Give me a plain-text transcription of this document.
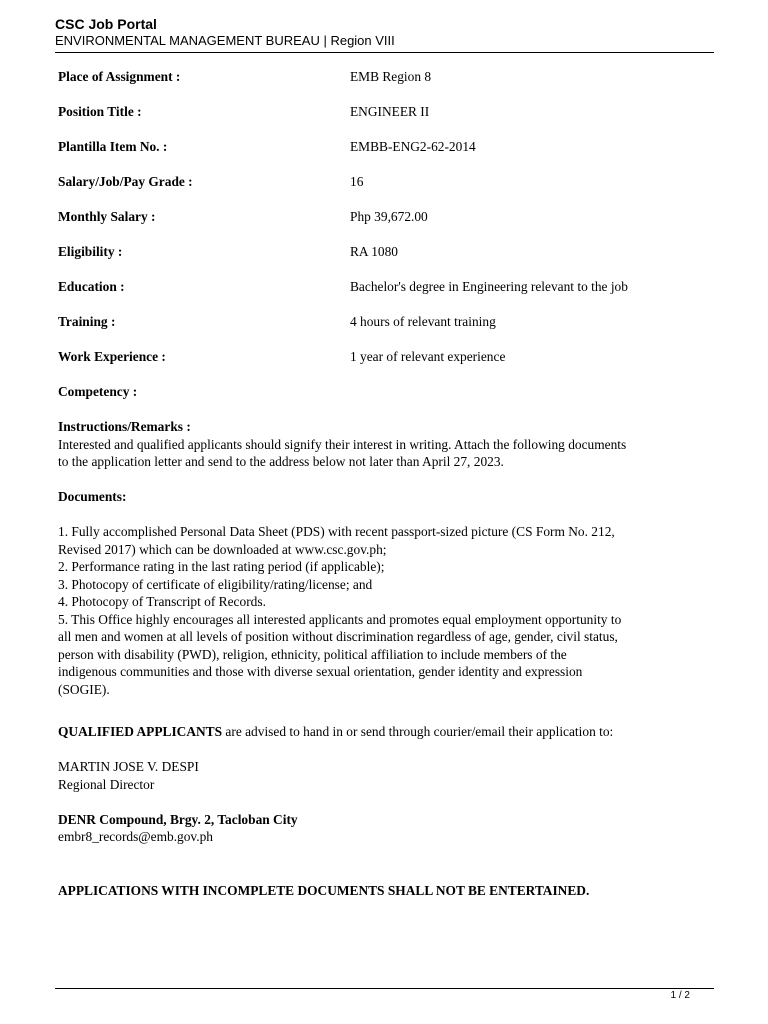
CSC Job Portal
ENVIRONMENTAL MANAGEMENT BUREAU | Region VIII
Place of Assignment :	EMB Region 8
Position Title :	ENGINEER II
Plantilla Item No. :	EMBB-ENG2-62-2014
Salary/Job/Pay Grade :	16
Monthly Salary :	Php 39,672.00
Eligibility :	RA 1080
Education :	Bachelor's degree in Engineering relevant to the job
Training :	4 hours of relevant training
Work Experience :	1 year of relevant experience
Competency :
Instructions/Remarks :
Interested and qualified applicants should signify their interest in writing. Attach the following documents
to the application letter and send to the address below not later than April 27, 2023.
Documents:
1. Fully accomplished Personal Data Sheet (PDS) with recent passport-sized picture (CS Form No. 212,
Revised 2017) which can be downloaded at www.csc.gov.ph;
2. Performance rating in the last rating period (if applicable);
3. Photocopy of certificate of eligibility/rating/license; and
4. Photocopy of Transcript of Records.
5. This Office highly encourages all interested applicants and promotes equal employment opportunity to
all men and women at all levels of position without discrimination regardless of age, gender, civil status,
person with disability (PWD), religion, ethnicity, political affiliation to include members of the
indigenous communities and those with diverse sexual orientation, gender identity and expression
(SOGIE).
QUALIFIED APPLICANTS are advised to hand in or send through courier/email their application to:
MARTIN JOSE V. DESPI
Regional Director
DENR Compound, Brgy. 2, Tacloban City
embr8_records@emb.gov.ph
APPLICATIONS WITH INCOMPLETE DOCUMENTS SHALL NOT BE ENTERTAINED.
1 / 2
